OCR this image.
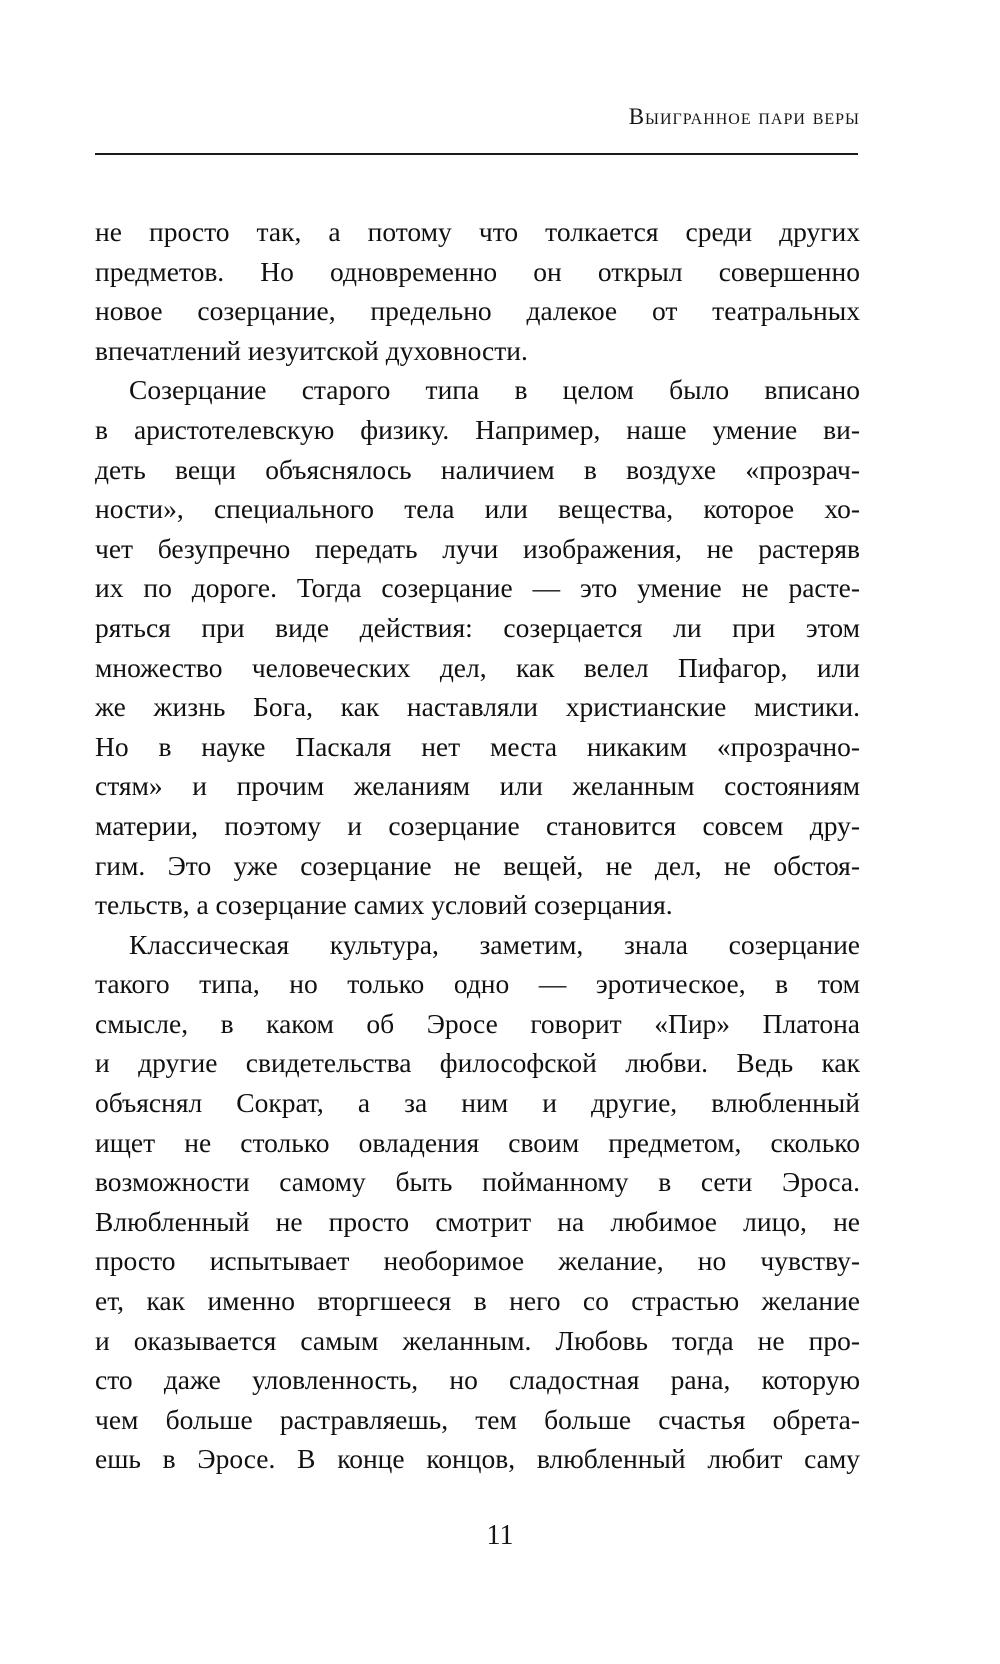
Выигранное пари веры
не просто так, а потому что толкается среди других
предметов. Но одновременно он открыл совершенно
новое созерцание, предельно далекое от театральных
впечатлений иезуитской духовности.
Созерцание старого типа в целом было вписано
в аристотелевскую физику. Например, наше умение ви-
деть вещи объяснялось наличием в воздухе «прозрач-
ности», специального тела или вещества, которое хо-
чет безупречно передать лучи изображения, не растеряв
их по дороге. Тогда созерцание — это умение не расте-
ряться при виде действия: созерцается ли при этом
множество человеческих дел, как велел Пифагор, или
же жизнь Бога, как наставляли христианские мистики.
Но в науке Паскаля нет места никаким «прозрачно-
стям» и прочим желаниям или желанным состояниям
материи, поэтому и созерцание становится совсем дру-
гим. Это уже созерцание не вещей, не дел, не обстоя-
тельств, а созерцание самих условий созерцания.
Классическая культура, заметим, знала созерцание
такого типа, но только одно — эротическое, в том
смысле, в каком об Эросе говорит «Пир» Платона
и другие свидетельства философской любви. Ведь как
объяснял Сократ, а за ним и другие, влюбленный
ищет не столько овладения своим предметом, сколько
возможности самому быть пойманному в сети Эроса.
Влюбленный не просто смотрит на любимое лицо, не
просто испытывает необоримое желание, но чувству-
ет, как именно вторгшееся в него со страстью желание
и оказывается самым желанным. Любовь тогда не про-
сто даже уловленность, но сладостная рана, которую
чем больше растравляешь, тем больше счастья обрета-
ешь в Эросе. В конце концов, влюбленный любит саму
11
